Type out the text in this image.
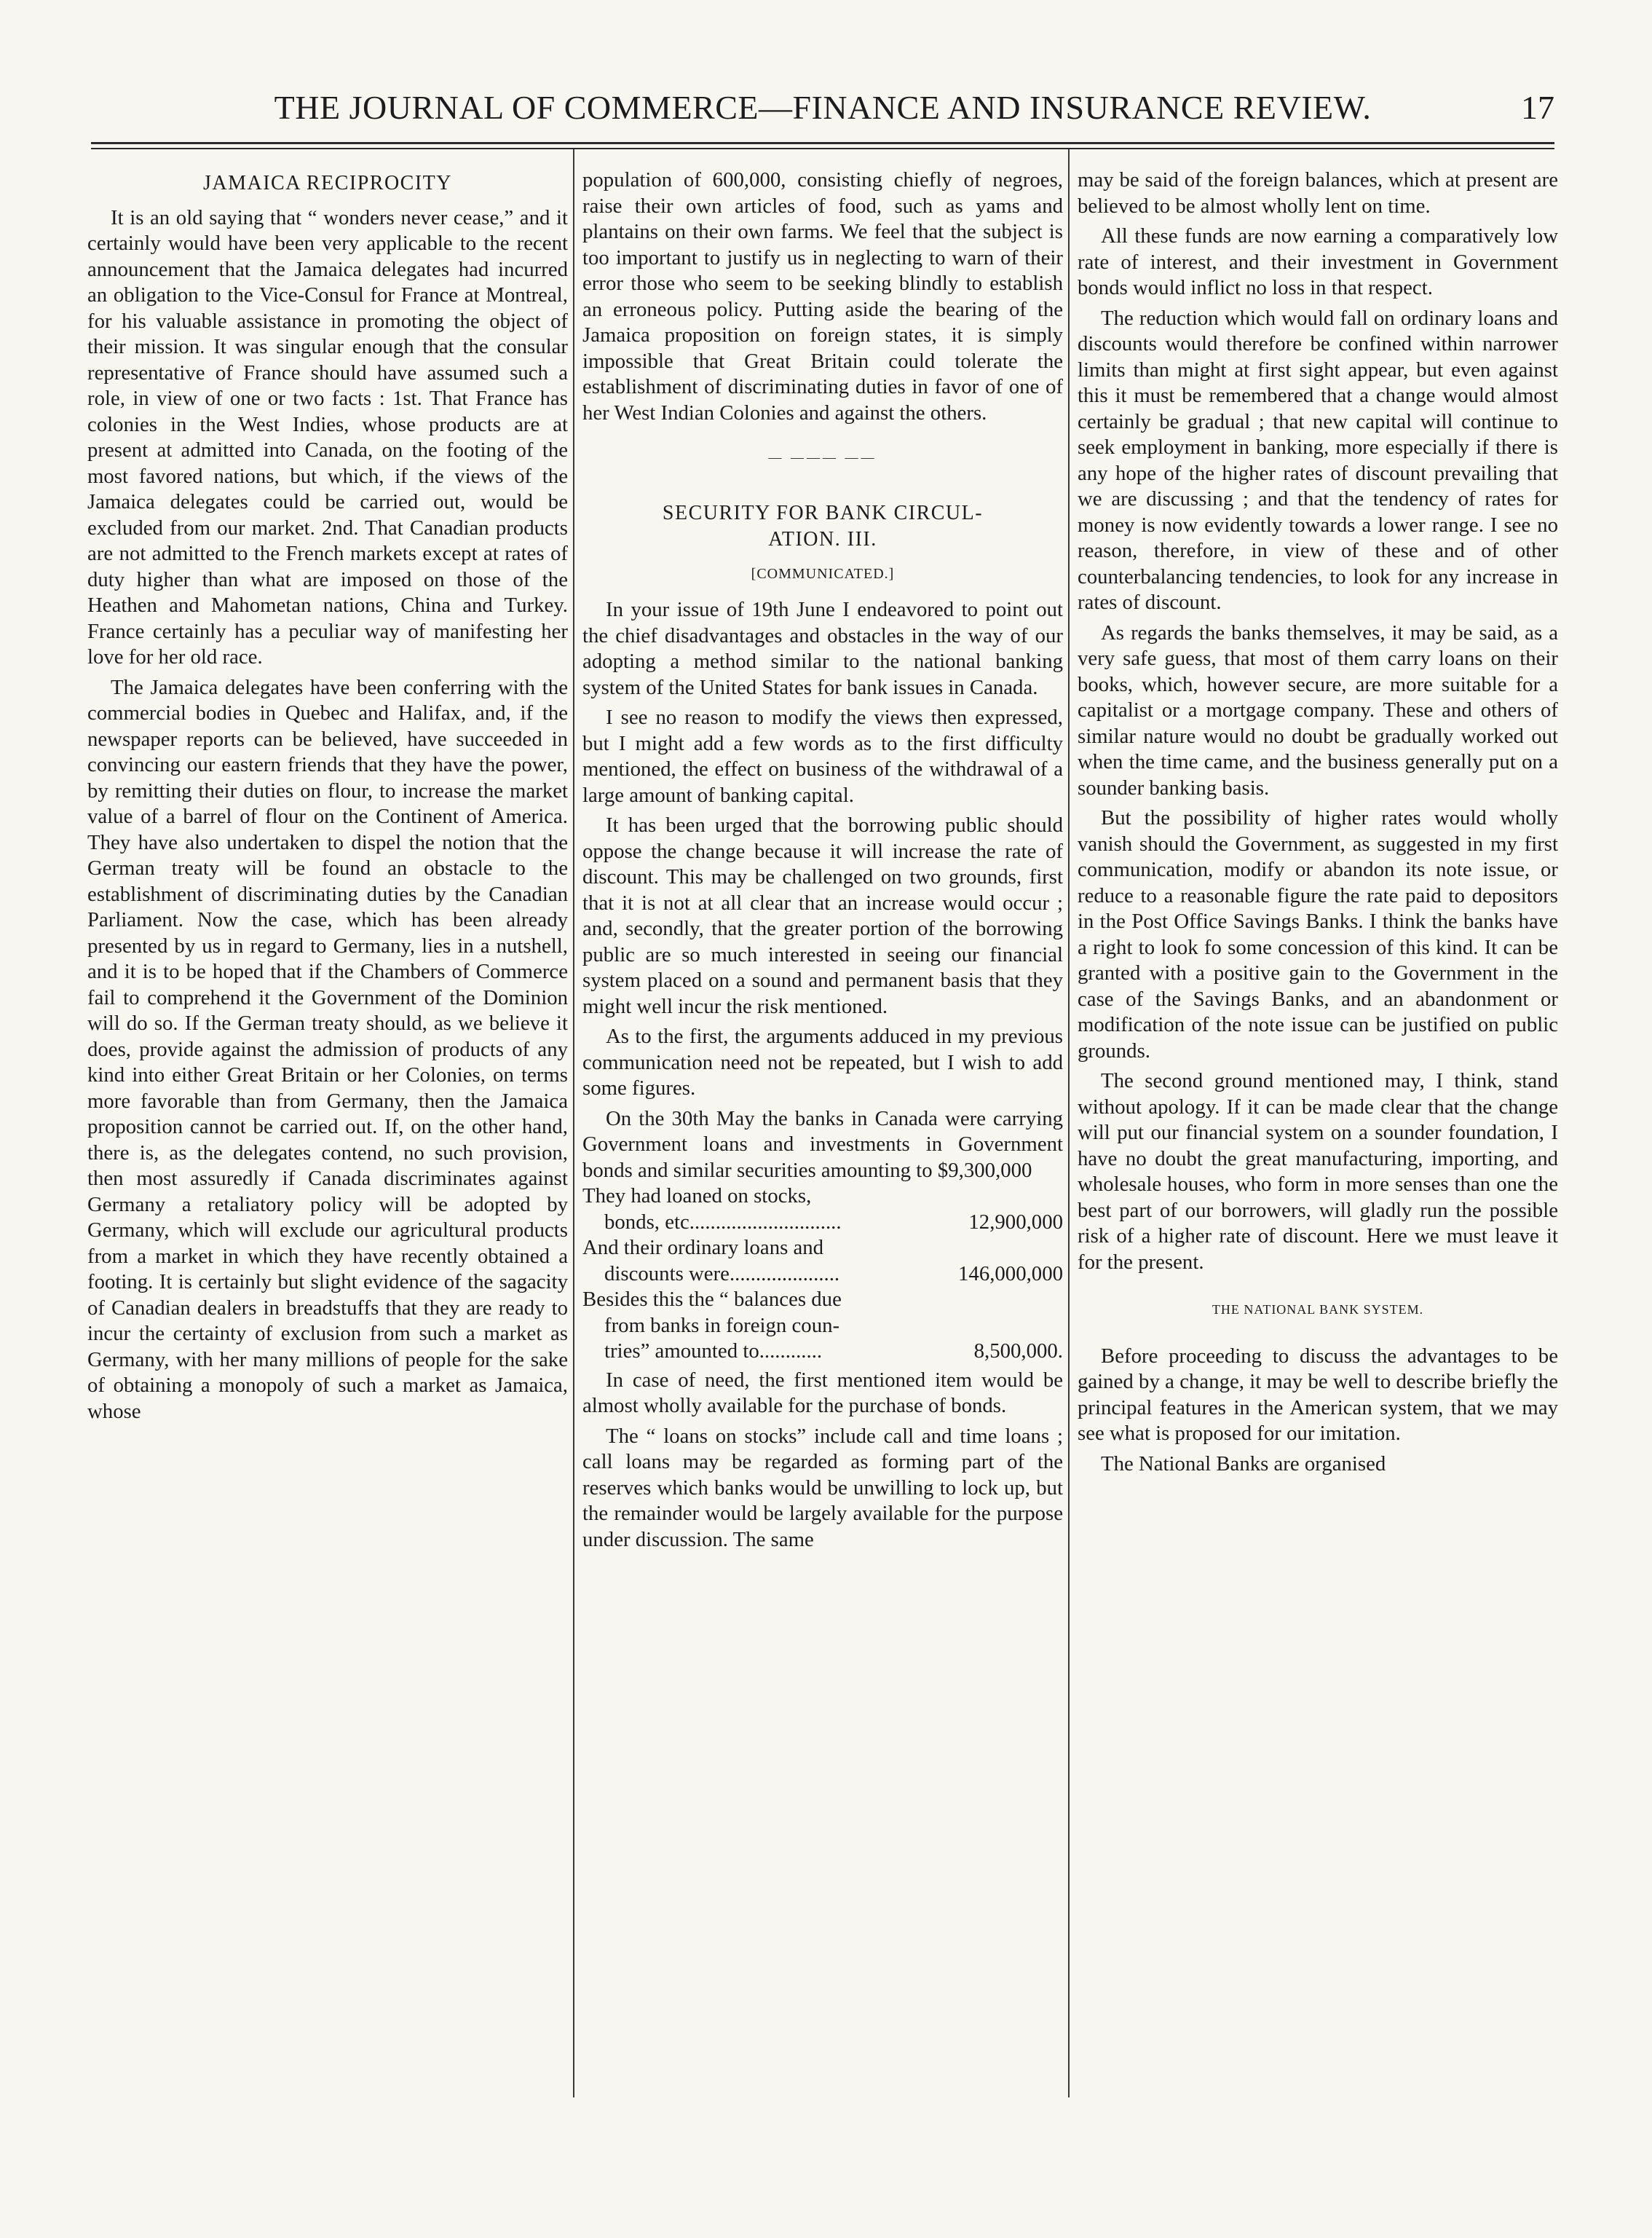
THE JOURNAL OF COMMERCE—FINANCE AND INSURANCE REVIEW.	17
JAMAICA RECIPROCITY

It is an old saying that “ wonders never cease,” and it certainly would have been very applicable to the recent announcement that the Jamaica delegates had incurred an obligation to the Vice-Consul for France at Montreal, for his valuable assistance in promoting the object of their mission. It was singular enough that the consular representative of France should have assumed such a role, in view of one or two facts : 1st. That France has colonies in the West Indies, whose products are at present at admitted into Canada, on the footing of the most favored nations, but which, if the views of the Jamaica delegates could be carried out, would be excluded from our market. 2nd. That Canadian products are not admitted to the French markets except at rates of duty higher than what are imposed on those of the Heathen and Mahometan nations, China and Turkey. France certainly has a peculiar way of manifesting her love for her old race.

The Jamaica delegates have been conferring with the commercial bodies in Quebec and Halifax, and, if the newspaper reports can be believed, have succeeded in convincing our eastern friends that they have the power, by remitting their duties on flour, to increase the market value of a barrel of flour on the Continent of America. They have also undertaken to dispel the notion that the German treaty will be found an obstacle to the establishment of discriminating duties by the Canadian Parliament. Now the case, which has been already presented by us in regard to Germany, lies in a nutshell, and it is to be hoped that if the Chambers of Commerce fail to comprehend it the Government of the Dominion will do so. If the German treaty should, as we believe it does, provide against the admission of products of any kind into either Great Britain or her Colonies, on terms more favorable than from Germany, then the Jamaica proposition cannot be carried out. If, on the other hand, there is, as the delegates contend, no such provision, then most assuredly if Canada discriminates against Germany a retaliatory policy will be adopted by Germany, which will exclude our agricultural products from a market in which they have recently obtained a footing. It is certainly but slight evidence of the sagacity of Canadian dealers in breadstuffs that they are ready to incur the certainty of exclusion from such a market as Germany, with her many millions of people for the sake of obtaining a monopoly of such a market as Jamaica, whose

population of 600,000, consisting chiefly of negroes, raise their own articles of food, such as yams and plantains on their own farms. We feel that the subject is too important to justify us in neglecting to warn of their error those who seem to be seeking blindly to establish an erroneous policy. Putting aside the bearing of the Jamaica proposition on foreign states, it is simply impossible that Great Britain could tolerate the establishment of discriminating duties in favor of one of her West Indian Colonies and against the others.

— ——— ——
SECURITY FOR BANK CIRCUL-
ATION. III.
[COMMUNICATED.]

In your issue of 19th June I endeavored to point out the chief disadvantages and obstacles in the way of our adopting a method similar to the national banking system of the United States for bank issues in Canada.

I see no reason to modify the views then expressed, but I might add a few words as to the first difficulty mentioned, the effect on business of the withdrawal of a large amount of banking capital.

It has been urged that the borrowing public should oppose the change because it will increase the rate of discount. This may be challenged on two grounds, first that it is not at all clear that an increase would occur ; and, secondly, that the greater portion of the borrowing public are so much interested in seeing our financial system placed on a sound and permanent basis that they might well incur the risk mentioned.

As to the first, the arguments adduced in my previous communication need not be repeated, but I wish to add some figures.

On the 30th May the banks in Canada were carrying Government loans and investments in Government bonds and similar securities amounting to $9,300,000

They had loaned on stocks,
bonds, etc.............................	12,900,000
And their ordinary loans and
discounts were.....................	146,000,000
Besides this the “ balances due
from banks in foreign coun-
tries” amounted to............	8,500,000.

In case of need, the first mentioned item would be almost wholly available for the purchase of bonds.

The “ loans on stocks” include call and time loans ; call loans may be regarded as forming part of the reserves which banks would be unwilling to lock up, but the remainder would be largely available for the purpose under discussion. The same

may be said of the foreign balances, which at present are believed to be almost wholly lent on time.

All these funds are now earning a comparatively low rate of interest, and their investment in Government bonds would inflict no loss in that respect.

The reduction which would fall on ordinary loans and discounts would therefore be confined within narrower limits than might at first sight appear, but even against this it must be remembered that a change would almost certainly be gradual ; that new capital will continue to seek employment in banking, more especially if there is any hope of the higher rates of discount prevailing that we are discussing ; and that the tendency of rates for money is now evidently towards a lower range. I see no reason, therefore, in view of these and of other counterbalancing tendencies, to look for any increase in rates of discount.

As regards the banks themselves, it may be said, as a very safe guess, that most of them carry loans on their books, which, however secure, are more suitable for a capitalist or a mortgage company. These and others of similar nature would no doubt be gradually worked out when the time came, and the business generally put on a sounder banking basis.

But the possibility of higher rates would wholly vanish should the Government, as suggested in my first communication, modify or abandon its note issue, or reduce to a reasonable figure the rate paid to depositors in the Post Office Savings Banks. I think the banks have a right to look fo some concession of this kind. It can be granted with a positive gain to the Government in the case of the Savings Banks, and an abandonment or modification of the note issue can be justified on public grounds.

The second ground mentioned may, I think, stand without apology. If it can be made clear that the change will put our financial system on a sounder foundation, I have no doubt the great manufacturing, importing, and wholesale houses, who form in more senses than one the best part of our borrowers, will gladly run the possible risk of a higher rate of discount. Here we must leave it for the present.

THE NATIONAL BANK SYSTEM.

Before proceeding to discuss the advantages to be gained by a change, it may be well to describe briefly the principal features in the American system, that we may see what is proposed for our imitation.

The National Banks are organised
